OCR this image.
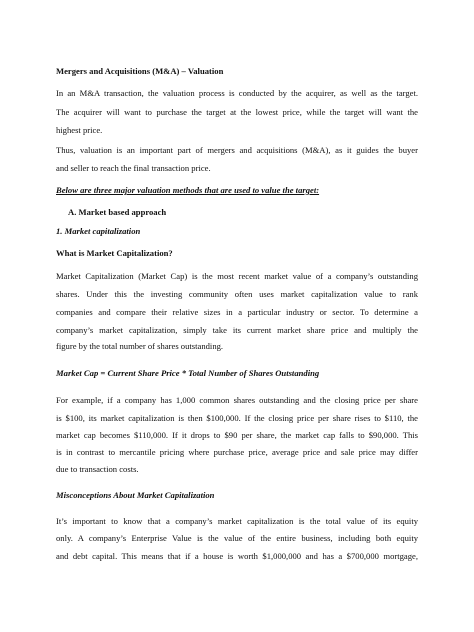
Mergers and Acquisitions (M&A) – Valuation
In an M&A transaction, the valuation process is conducted by the acquirer, as well as the target.
The acquirer will want to purchase the target at the lowest price, while the target will want the
highest price.
Thus, valuation is an important part of mergers and acquisitions (M&A), as it guides the buyer
and seller to reach the final transaction price.
Below are three major valuation methods that are used to value the target:
A. Market based approach
1. Market capitalization
What is Market Capitalization?
Market Capitalization (Market Cap) is the most recent market value of a company’s outstanding
shares. Under this the investing community often uses market capitalization value to rank
companies and compare their relative sizes in a particular industry or sector. To determine a
company’s market capitalization, simply take its current market share price and multiply the
figure by the total number of shares outstanding.
Market Cap = Current Share Price * Total Number of Shares Outstanding
For example, if a company has 1,000 common shares outstanding and the closing price per share
is $100, its market capitalization is then $100,000. If the closing price per share rises to $110, the
market cap becomes $110,000. If it drops to $90 per share, the market cap falls to $90,000. This
is in contrast to mercantile pricing where purchase price, average price and sale price may differ
due to transaction costs.
Misconceptions About Market Capitalization
It’s important to know that a company’s market capitalization is the total value of its equity
only. A company’s Enterprise Value is the value of the entire business, including both equity
and debt capital. This means that if a house is worth $1,000,000 and has a $700,000 mortgage,
